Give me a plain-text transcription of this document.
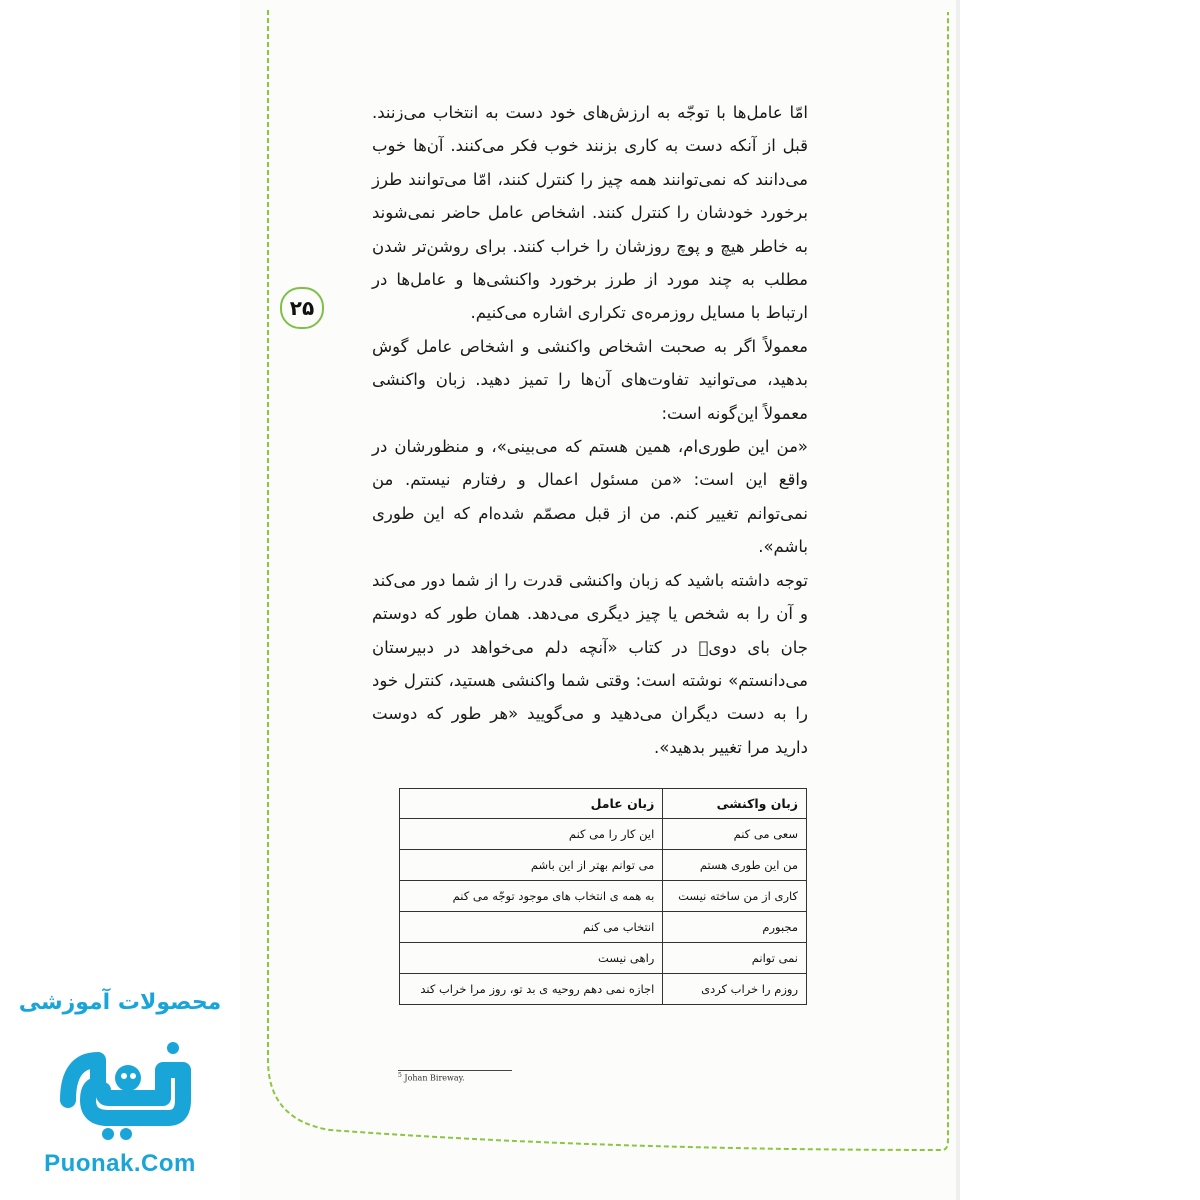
امّا عامل‌ها با توجّه به ارزش‌های خود دست به انتخاب می‌زنند. قبل از آنکه دست به کاری بزنند خوب فکر می‌کنند. آن‌ها خوب می‌دانند که نمی‌توانند همه چیز را کنترل کنند، امّا می‌توانند طرز برخورد خودشان را کنترل کنند. اشخاص عامل حاضر نمی‌شوند به خاطر هیچ و پوچ روزشان را خراب کنند. برای روشن‌تر شدن مطلب به چند مورد از طرز برخورد واکنشی‌ها و عامل‌ها در ارتباط با مسایل روزمره‌ی تکراری اشاره می‌کنیم.

معمولاً اگر به صحبت اشخاص واکنشی و اشخاص عامل گوش بدهید، می‌توانید تفاوت‌های آن‌ها را تمیز دهید. زبان واکنشی معمولاً این‌گونه است:

«من این طوری‌ام، همین هستم که می‌بینی»، و منظورشان در واقع این است: «من مسئول اعمال و رفتارم نیستم. من نمی‌توانم تغییر کنم. من از قبل مصمّم شده‌ام که این طوری باشم».

توجه داشته باشید که زبان واکنشی قدرت را از شما دور می‌کند و آن را به شخص یا چیز دیگری می‌دهد. همان طور که دوستم جان بای دویۡ در کتاب «آنچه دلم می‌خواهد در دبیرستان می‌دانستم» نوشته است: وقتی شما واکنشی هستید، کنترل خود را به دست دیگران می‌دهید و می‌گویید «هر طور که دوست دارید مرا تغییر بدهید».

۲۵
زبان واکنشی	زبان عامل
سعی می کنم	این کار را می کنم
من این طوری هستم	می توانم بهتر از این باشم
کاری از من ساخته نیست	به همه ی انتخاب های موجود توجّه می کنم
مجبورم	انتخاب می کنم
نمی توانم	راهی نیست
روزم را خراب کردی	اجازه نمی دهم روحیه ی بد تو، روز مرا خراب کند
$^5$ Johan Bireway.
محصولات آموزشی
Puonak.Com
